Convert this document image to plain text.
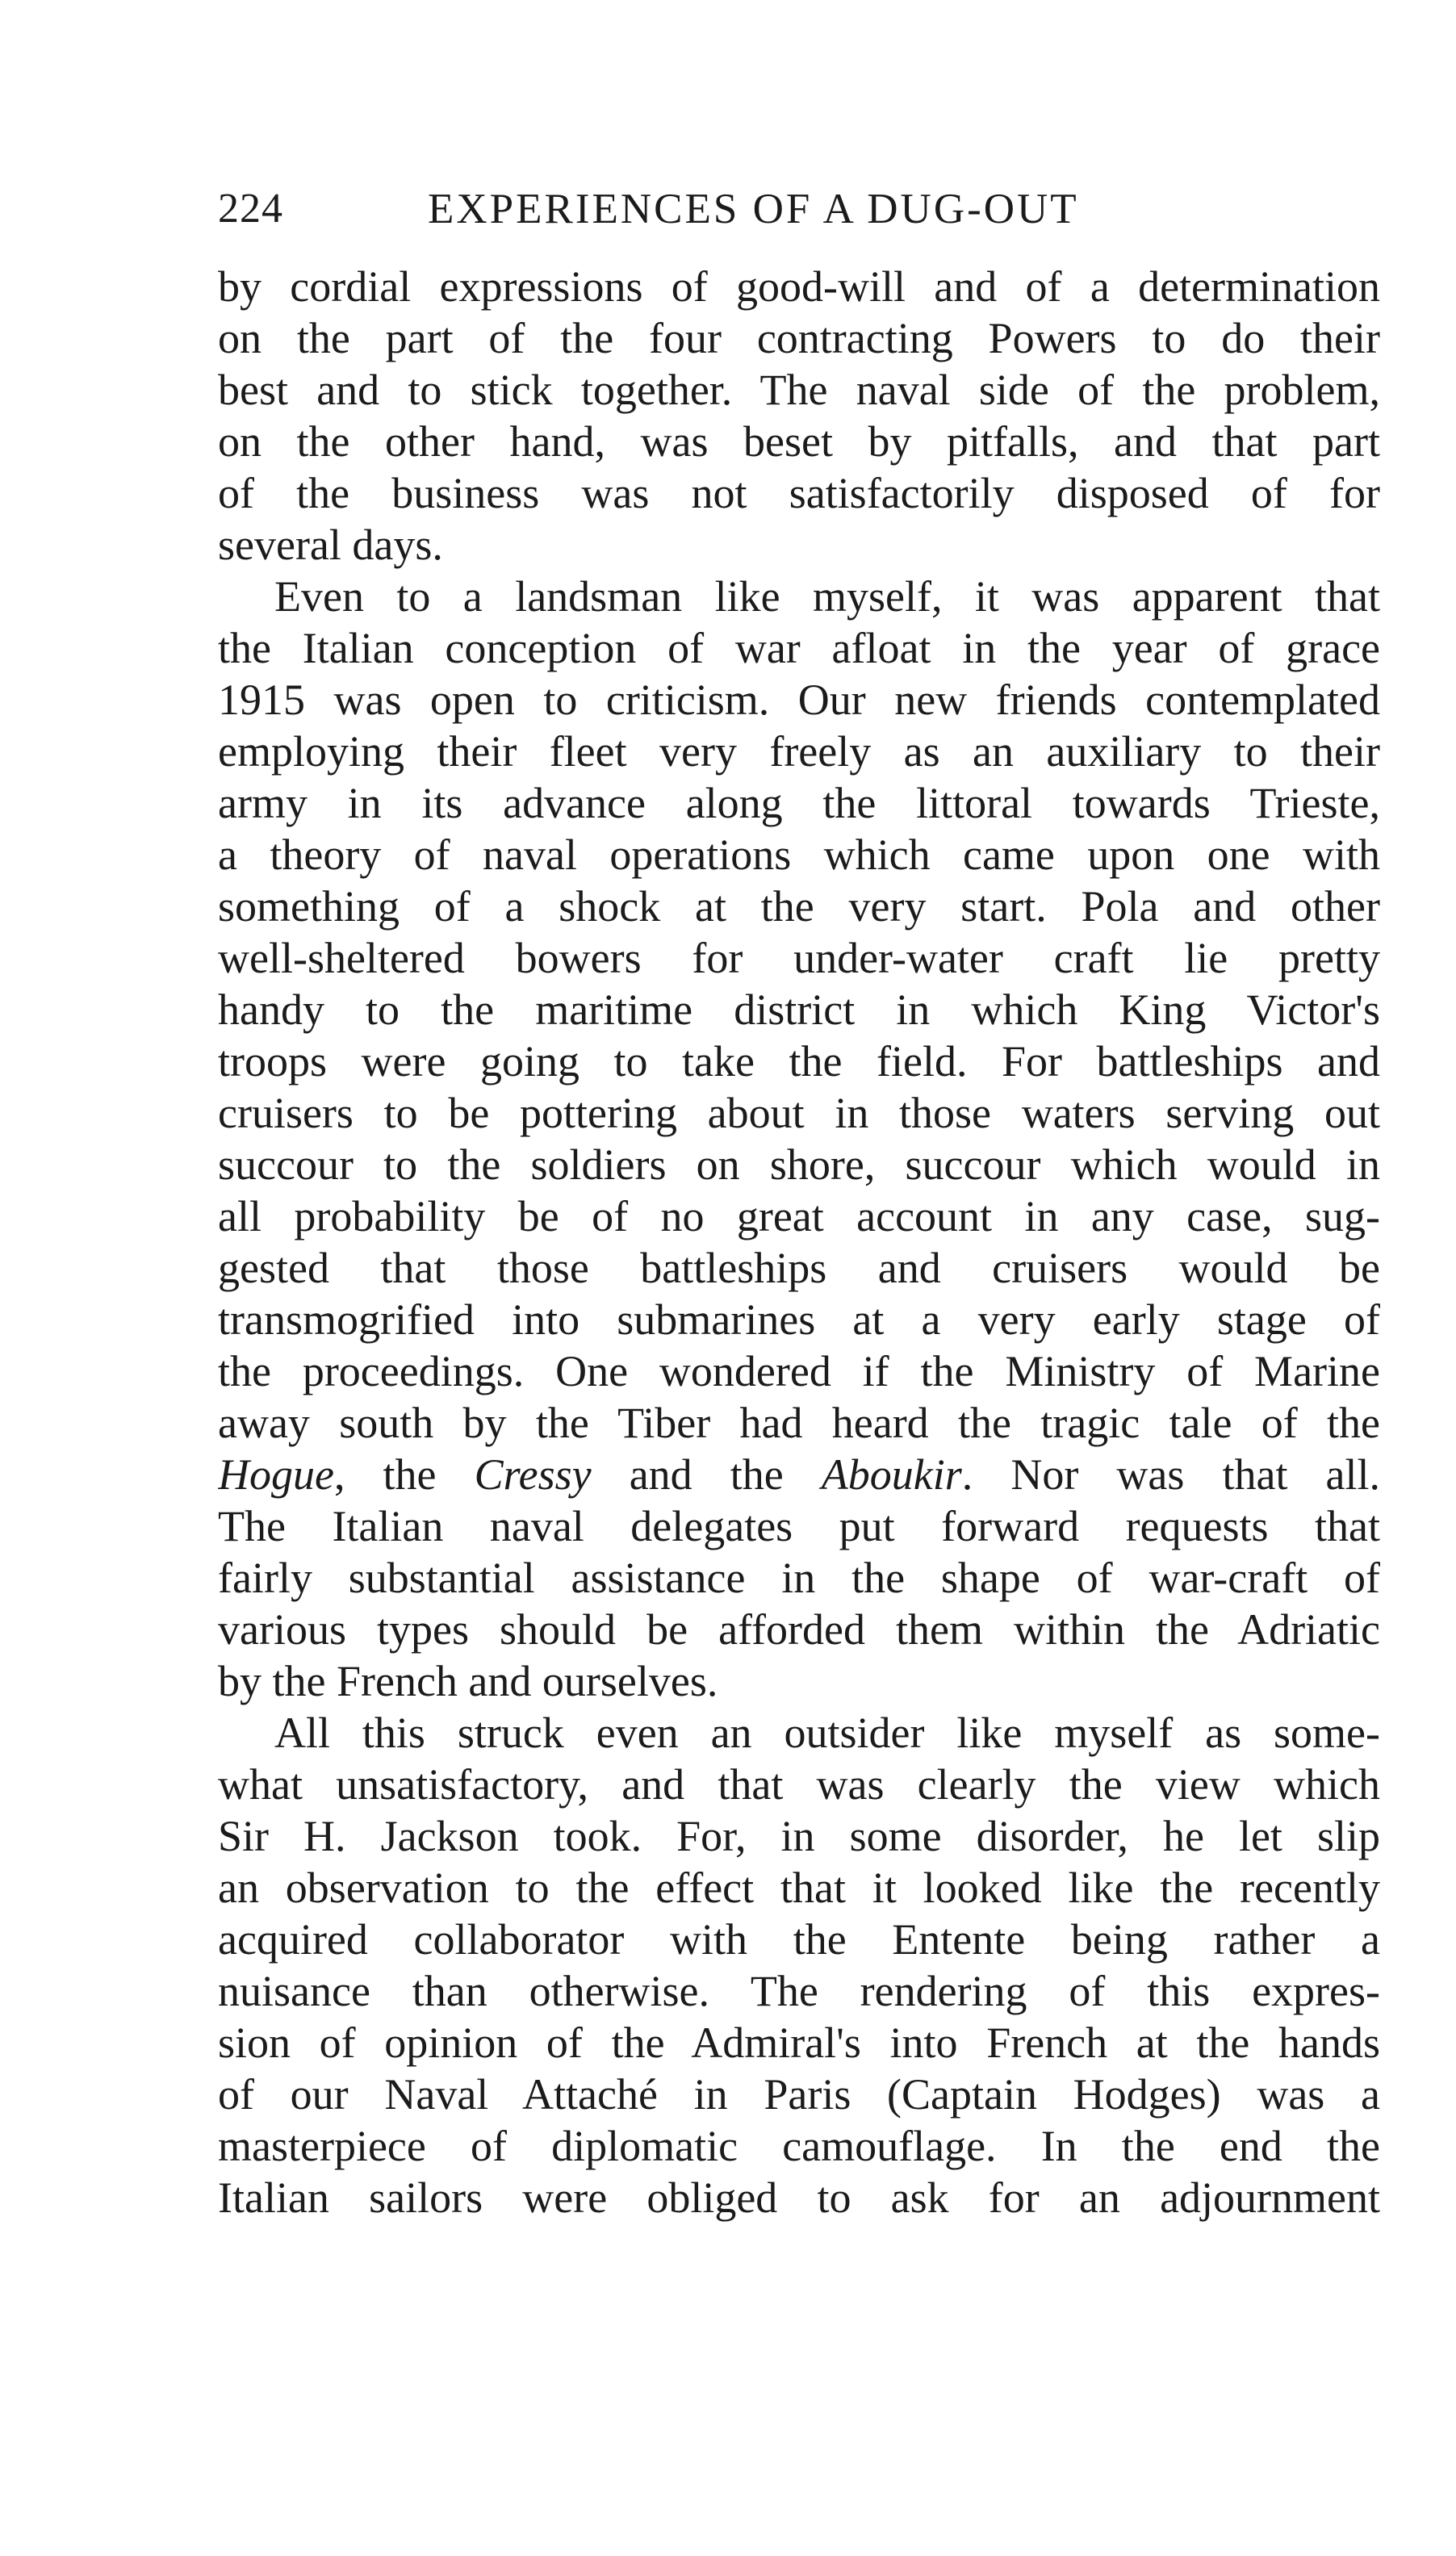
224	EXPERIENCES OF A DUG-OUT
by cordial expressions of good-will and of a determination
on the part of the four contracting Powers to do their
best and to stick together. The naval side of the problem,
on the other hand, was beset by pitfalls, and that part
of the business was not satisfactorily disposed of for
several days.
Even to a landsman like myself, it was apparent that
the Italian conception of war afloat in the year of grace
1915 was open to criticism. Our new friends contemplated
employing their fleet very freely as an auxiliary to their
army in its advance along the littoral towards Trieste,
a theory of naval operations which came upon one with
something of a shock at the very start. Pola and other
well-sheltered bowers for under-water craft lie pretty
handy to the maritime district in which King Victor's
troops were going to take the field. For battleships and
cruisers to be pottering about in those waters serving out
succour to the soldiers on shore, succour which would in
all probability be of no great account in any case, sug-
gested that those battleships and cruisers would be
transmogrified into submarines at a very early stage of
the proceedings. One wondered if the Ministry of Marine
away south by the Tiber had heard the tragic tale of the
Hogue, the Cressy and the Aboukir. Nor was that all.
The Italian naval delegates put forward requests that
fairly substantial assistance in the shape of war-craft of
various types should be afforded them within the Adriatic
by the French and ourselves.
All this struck even an outsider like myself as some-
what unsatisfactory, and that was clearly the view which
Sir H. Jackson took. For, in some disorder, he let slip
an observation to the effect that it looked like the recently
acquired collaborator with the Entente being rather a
nuisance than otherwise. The rendering of this expres-
sion of opinion of the Admiral's into French at the hands
of our Naval Attaché in Paris (Captain Hodges) was a
masterpiece of diplomatic camouflage. In the end the
Italian sailors were obliged to ask for an adjournment
